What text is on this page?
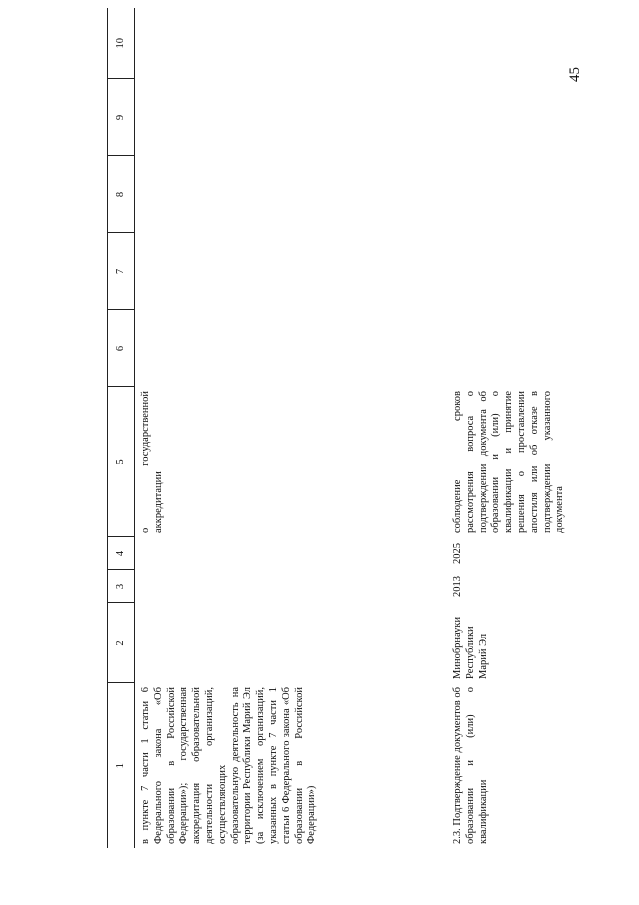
45
1	2	3	4	5	6	7	8	9	10
в пункте 7 части 1 статьи 6 Федерального закона «Об образовании в Российской Федерации»); государственная аккредитация образовательной деятельности организаций, осуществляющих образовательную деятельность на территории Республики Марий Эл (за исключением организаций, указанных в пункте 7 части 1 статьи 6 Федерального закона «Об образовании в Российской Федерации»)				о государственной аккредитации					
2.3. Подтверждение документов об образовании и (или) о квалификации	Минобрнауки Республики Марий Эл	2013	2025	соблюдение сроков рассмотрения вопроса о подтверждении документа об образовании и (или) о квалификации и принятие решения о проставлении апостиля или об отказе в подтверждении указанного документа					
